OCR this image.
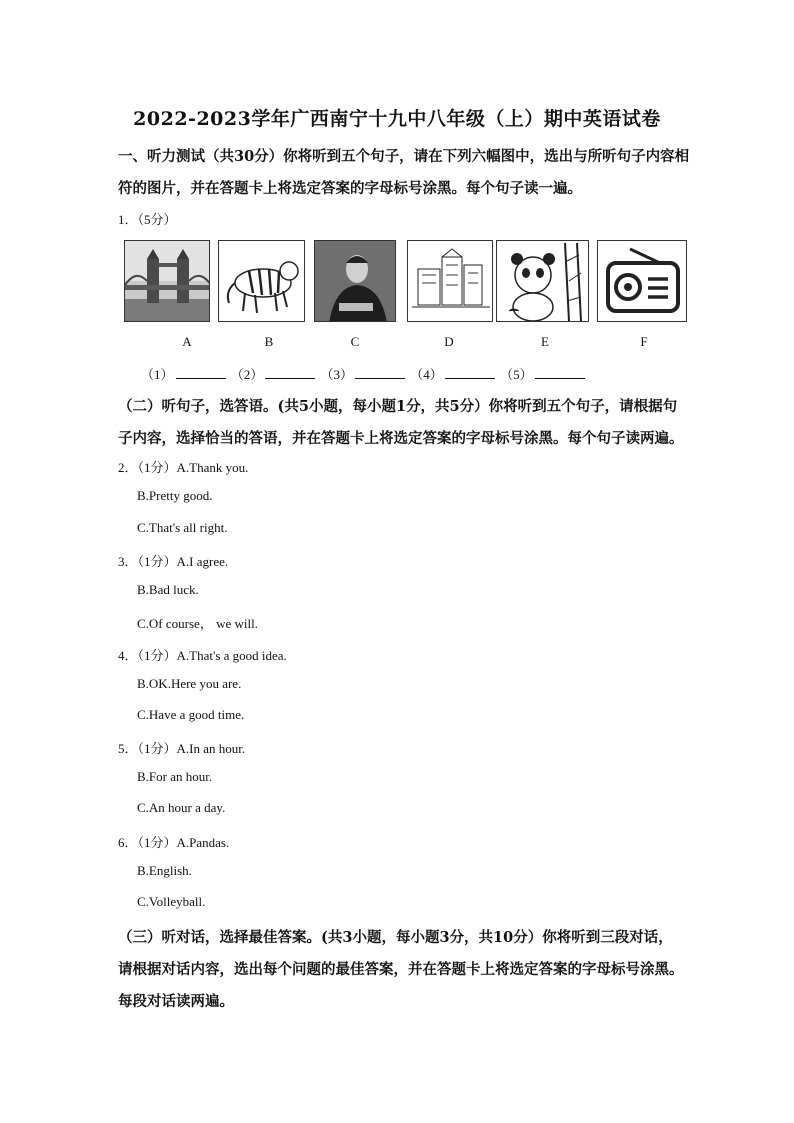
2022-2023学年广西南宁十九中八年级（上）期中英语试卷
一、听力测试（共30分）你将听到五个句子，请在下列六幅图中，选出与所听句子内容相
符的图片，并在答题卡上将选定答案的字母标号涂黑。每个句子读一遍。
1．（5分）
A	B	C	D	E	F
（1）	（2）	（3）	（4）	（5）
（二）听句子，选答语。(共5小题，每小题1分，共5分）你将听到五个句子，请根据句
子内容，选择恰当的答语，并在答题卡上将选定答案的字母标号涂黑。每个句子读两遍。
2．（1分）A.Thank you.
B.Pretty good.
C.That's all right.
3．（1分）A.I agree.
B.Bad luck.
C.Of course， we will.
4．（1分）A.That's a good idea.
B.OK.Here you are.
C.Have a good time.
5．（1分）A.In an hour.
B.For an hour.
C.An hour a day.
6．（1分）A.Pandas.
B.English.
C.Volleyball.
（三）听对话，选择最佳答案。(共3小题，每小题3分，共10分）你将听到三段对话，
请根据对话内容，选出每个问题的最佳答案，并在答题卡上将选定答案的字母标号涂黑。
每段对话读两遍。
